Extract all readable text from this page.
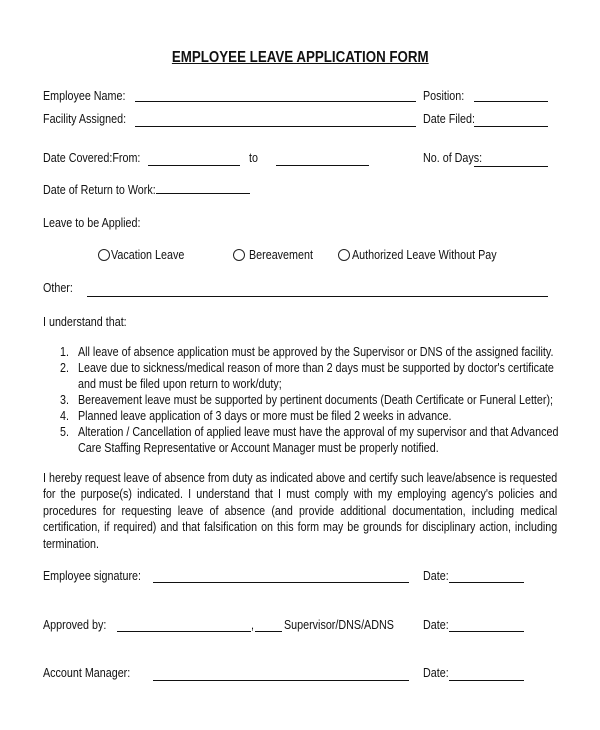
EMPLOYEE LEAVE APPLICATION FORM
Employee Name:	Position:
Facility Assigned:	Date Filed:
Date Covered:From:	to	No. of Days:
Date of Return to Work:
Leave to be Applied:
Vacation Leave	Bereavement	Authorized Leave Without Pay
Other:
I understand that:
1. All leave of absence application must be approved by the Supervisor or DNS of the assigned facility.
2. Leave due to sickness/medical reason of more than 2 days must be supported by doctor's certificate
and must be filed upon return to work/duty;
3. Bereavement leave must be supported by pertinent documents (Death Certificate or Funeral Letter);
4. Planned leave application of 3 days or more must be filed 2 weeks in advance.
5. Alteration / Cancellation of applied leave must have the approval of my supervisor and that Advanced
Care Staffing Representative or Account Manager must be properly notified.
I hereby request leave of absence from duty as indicated above and certify such leave/absence is requested for the purpose(s) indicated. I understand that I must comply with my employing agency's policies and procedures for requesting leave of absence (and provide additional documentation, including medical certification, if required) and that falsification on this form may be grounds for disciplinary action, including termination.
Employee signature:	Date:
Approved by:	, Supervisor/DNS/ADNS Date:
Account Manager:	Date:
